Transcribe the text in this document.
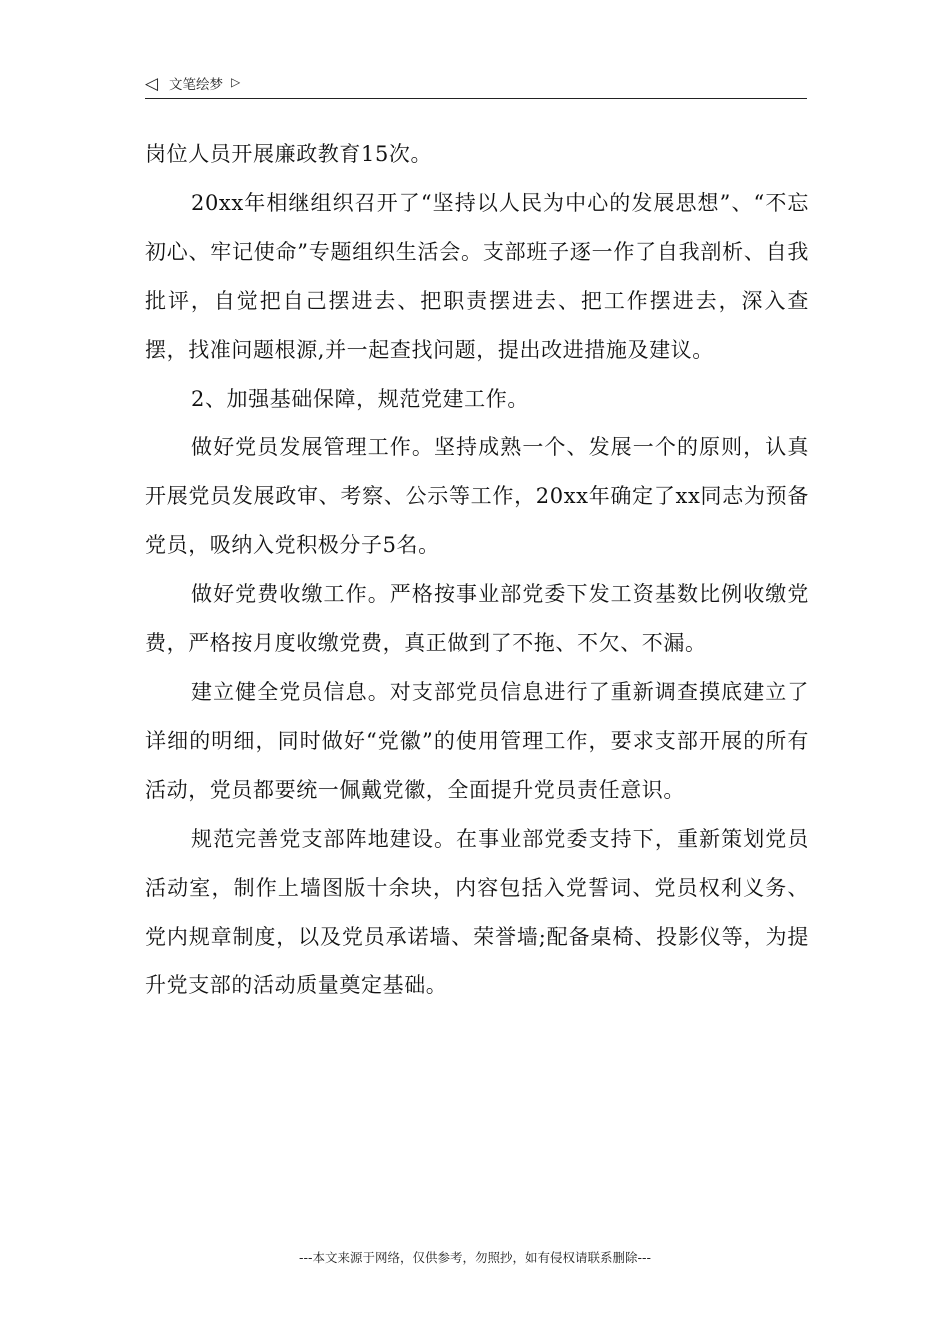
◁ 文笔绘梦 ▷

岗位人员开展廉政教育15次。

20xx年相继组织召开了“坚持以人民为中心的发展思想”、“不忘初心、牢记使命”专题组织生活会。支部班子逐一作了自我剖析、自我批评，自觉把自己摆进去、把职责摆进去、把工作摆进去，深入查摆，找准问题根源,并一起查找问题，提出改进措施及建议。

2、加强基础保障，规范党建工作。

做好党员发展管理工作。坚持成熟一个、发展一个的原则，认真开展党员发展政审、考察、公示等工作，20xx年确定了xx同志为预备党员，吸纳入党积极分子5名。

做好党费收缴工作。严格按事业部党委下发工资基数比例收缴党费，严格按月度收缴党费，真正做到了不拖、不欠、不漏。

建立健全党员信息。对支部党员信息进行了重新调查摸底建立了详细的明细，同时做好“党徽”的使用管理工作，要求支部开展的所有活动，党员都要统一佩戴党徽，全面提升党员责任意识。

规范完善党支部阵地建设。在事业部党委支持下，重新策划党员活动室，制作上墙图版十余块，内容包括入党誓词、党员权利义务、党内规章制度，以及党员承诺墙、荣誉墙;配备桌椅、投影仪等，为提升党支部的活动质量奠定基础。

---本文来源于网络，仅供参考，勿照抄，如有侵权请联系删除---
